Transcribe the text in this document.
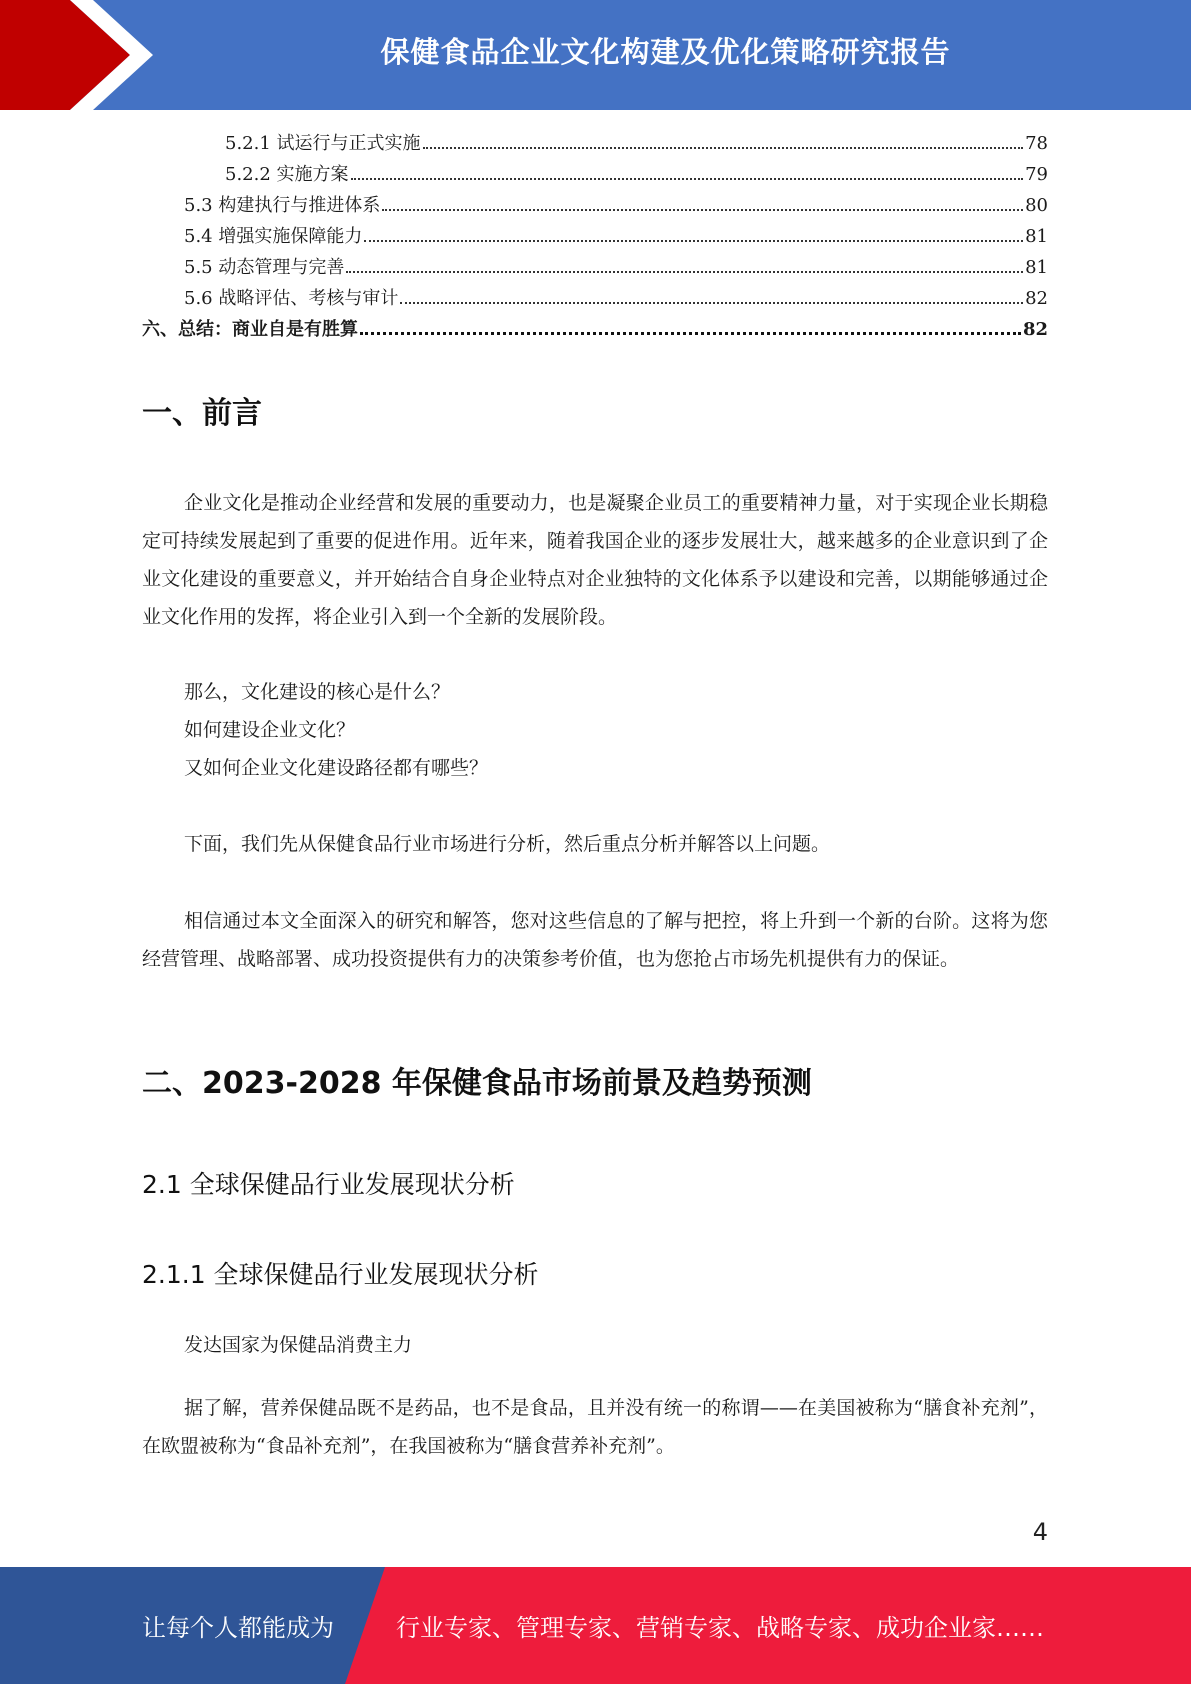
保健食品企业文化构建及优化策略研究报告
5.2.1 试运行与正式实施	78
5.2.2 实施方案	79
5.3 构建执行与推进体系	80
5.4 增强实施保障能力	81
5.5 动态管理与完善	81
5.6 战略评估、考核与审计	82
六、总结：商业自是有胜算	82
一、前言

企业文化是推动企业经营和发展的重要动力，也是凝聚企业员工的重要精神力量，对于实现企业长期稳定可持续发展起到了重要的促进作用。近年来，随着我国企业的逐步发展壮大，越来越多的企业意识到了企业文化建设的重要意义，并开始结合自身企业特点对企业独特的文化体系予以建设和完善，以期能够通过企业文化作用的发挥，将企业引入到一个全新的发展阶段。

那么，文化建设的核心是什么？
如何建设企业文化？
又如何企业文化建设路径都有哪些？
下面，我们先从保健食品行业市场进行分析，然后重点分析并解答以上问题。

相信通过本文全面深入的研究和解答，您对这些信息的了解与把控，将上升到一个新的台阶。这将为您经营管理、战略部署、成功投资提供有力的决策参考价值，也为您抢占市场先机提供有力的保证。

二、2023-2028 年保健食品市场前景及趋势预测
2.1 全球保健品行业发展现状分析
2.1.1 全球保健品行业发展现状分析
发达国家为保健品消费主力

据了解，营养保健品既不是药品，也不是食品，且并没有统一的称谓——在美国被称为“膳食补充剂”，在欧盟被称为“食品补充剂”，在我国被称为“膳食营养补充剂”。

4
让每个人都能成为	行业专家、管理专家、营销专家、战略专家、成功企业家……
